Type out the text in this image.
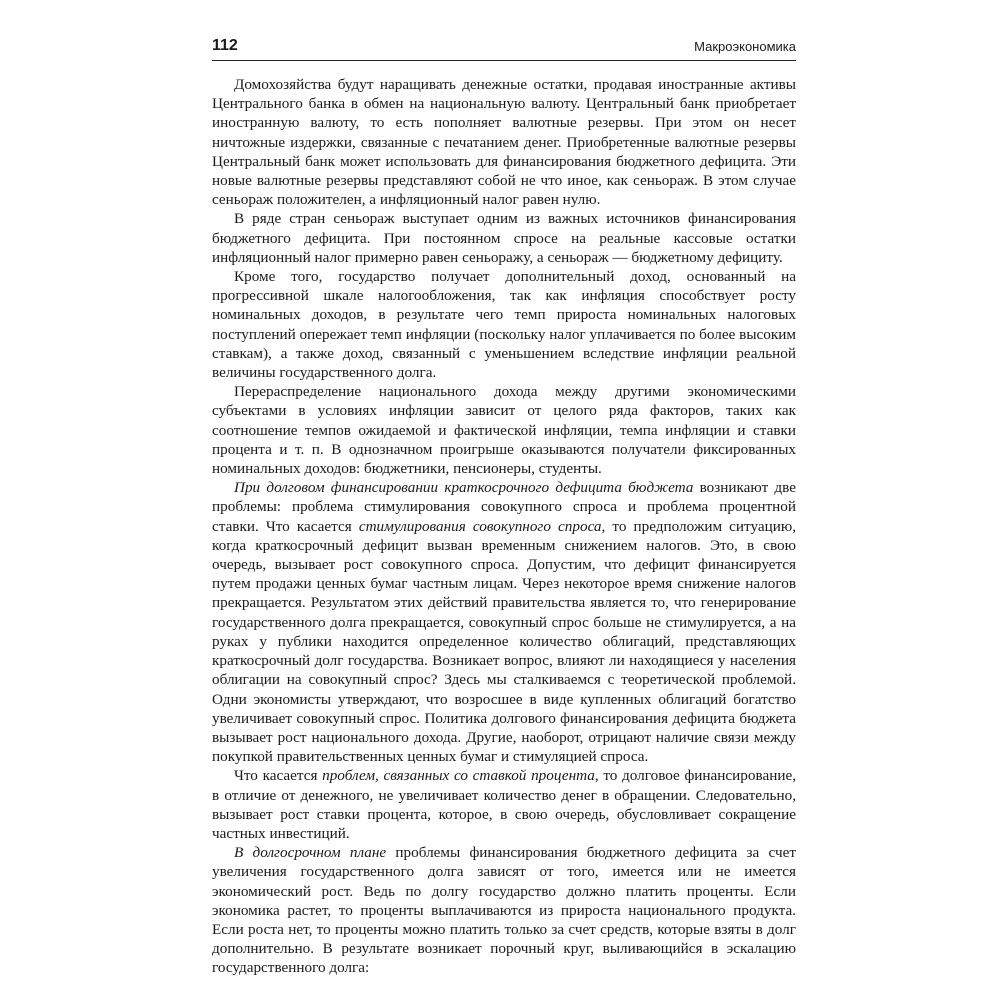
112	Макроэкономика

Домохозяйства будут наращивать денежные остатки, продавая иностранные активы Центрального банка в обмен на национальную валюту. Центральный банк приобретает иностранную валюту, то есть пополняет валютные резервы. При этом он несет ничтожные издержки, связанные с печатанием денег. Приобретенные валютные резервы Центральный банк может использовать для финансирования бюджетного дефицита. Эти новые валютные резервы представляют собой не что иное, как сеньораж. В этом случае сеньораж положителен, а инфляционный налог равен нулю.

В ряде стран сеньораж выступает одним из важных источников финансирования бюджетного дефицита. При постоянном спросе на реальные кассовые остатки инфляционный налог примерно равен сеньоражу, а сеньораж — бюджетному дефициту.

Кроме того, государство получает дополнительный доход, основанный на прогрессивной шкале налогообложения, так как инфляция способствует росту номинальных доходов, в результате чего темп прироста номинальных налоговых поступлений опережает темп инфляции (поскольку налог уплачивается по более высоким ставкам), а также доход, связанный с уменьшением вследствие инфляции реальной величины государственного долга.

Перераспределение национального дохода между другими экономическими субъектами в условиях инфляции зависит от целого ряда факторов, таких как соотношение темпов ожидаемой и фактической инфляции, темпа инфляции и ставки процента и т. п. В однозначном проигрыше оказываются получатели фиксированных номинальных доходов: бюджетники, пенсионеры, студенты.

При долговом финансировании краткосрочного дефицита бюджета возникают две проблемы: проблема стимулирования совокупного спроса и проблема процентной ставки. Что касается стимулирования совокупного спроса, то предположим ситуацию, когда краткосрочный дефицит вызван временным снижением налогов. Это, в свою очередь, вызывает рост совокупного спроса. Допустим, что дефицит финансируется путем продажи ценных бумаг частным лицам. Через некоторое время снижение налогов прекращается. Результатом этих действий правительства является то, что генерирование государственного долга прекращается, совокупный спрос больше не стимулируется, а на руках у публики находится определенное количество облигаций, представляющих краткосрочный долг государства. Возникает вопрос, влияют ли находящиеся у населения облигации на совокупный спрос? Здесь мы сталкиваемся с теоретической проблемой. Одни экономисты утверждают, что возросшее в виде купленных облигаций богатство увеличивает совокупный спрос. Политика долгового финансирования дефицита бюджета вызывает рост национального дохода. Другие, наоборот, отрицают наличие связи между покупкой правительственных ценных бумаг и стимуляцией спроса.

Что касается проблем, связанных со ставкой процента, то долговое финансирование, в отличие от денежного, не увеличивает количество денег в обращении. Следовательно, вызывает рост ставки процента, которое, в свою очередь, обусловливает сокращение частных инвестиций.

В долгосрочном плане проблемы финансирования бюджетного дефицита за счет увеличения государственного долга зависят от того, имеется или не имеется экономический рост. Ведь по долгу государство должно платить проценты. Если экономика растет, то проценты выплачиваются из прироста национального продукта. Если роста нет, то проценты можно платить только за счет средств, которые взяты в долг дополнительно. В результате возникает порочный круг, выливающийся в эскалацию государственного долга:
